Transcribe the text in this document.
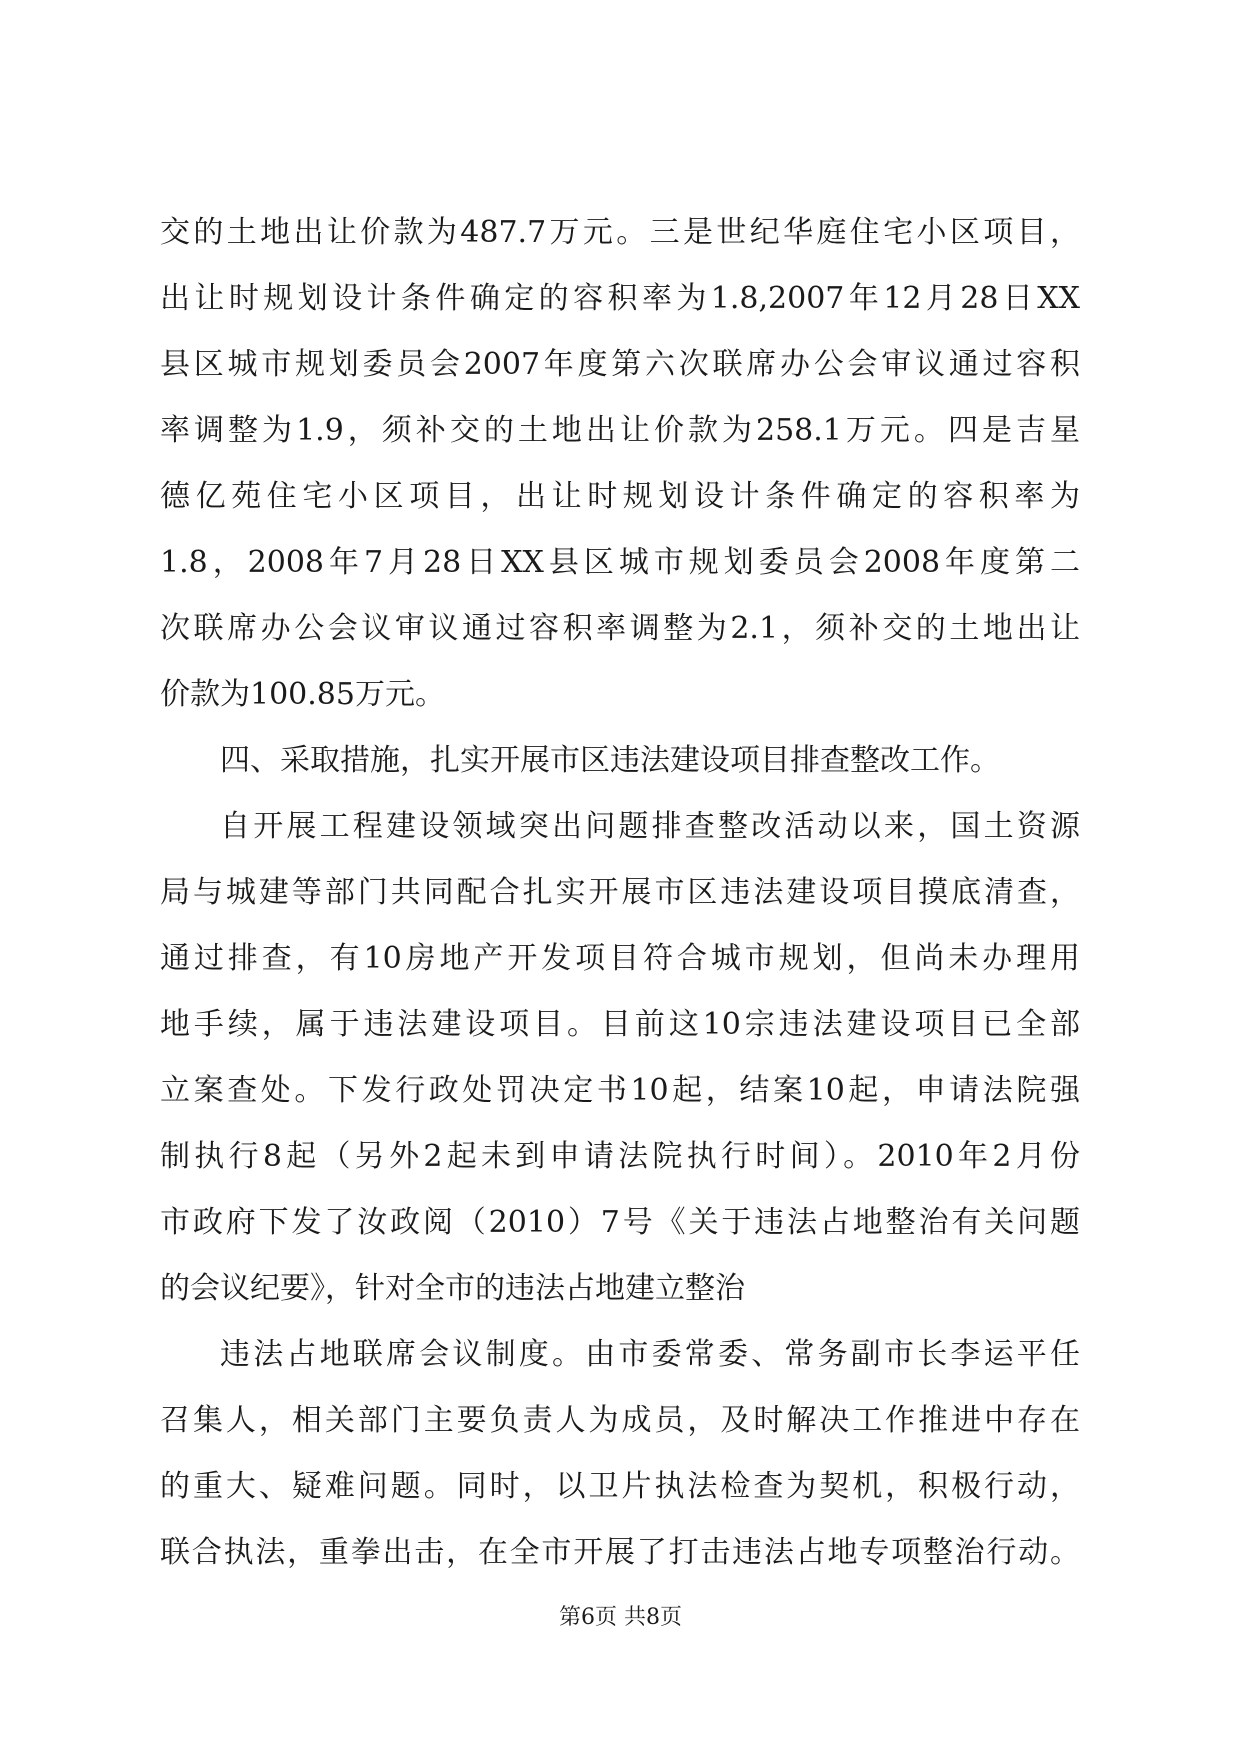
交的土地出让价款为487.7万元。三是世纪华庭住宅小区项目，
出让时规划设计条件确定的容积率为1.8,2007年12月28日XX
县区城市规划委员会2007年度第六次联席办公会审议通过容积
率调整为1.9，须补交的土地出让价款为258.1万元。四是吉星
德亿苑住宅小区项目，出让时规划设计条件确定的容积率为
1.8，2008年7月28日XX县区城市规划委员会2008年度第二
次联席办公会议审议通过容积率调整为2.1，须补交的土地出让
价款为100.85万元。
四、采取措施，扎实开展市区违法建设项目排查整改工作。
自开展工程建设领域突出问题排查整改活动以来，国土资源
局与城建等部门共同配合扎实开展市区违法建设项目摸底清查，
通过排查，有10房地产开发项目符合城市规划，但尚未办理用
地手续，属于违法建设项目。目前这10宗违法建设项目已全部
立案查处。下发行政处罚决定书10起，结案10起，申请法院强
制执行8起（另外2起未到申请法院执行时间）。2010年2月份
市政府下发了汝政阅（2010）7号《关于违法占地整治有关问题
的会议纪要》，针对全市的违法占地建立整治
违法占地联席会议制度。由市委常委、常务副市长李运平任
召集人，相关部门主要负责人为成员，及时解决工作推进中存在
的重大、疑难问题。同时，以卫片执法检查为契机，积极行动，
联合执法，重拳出击，在全市开展了打击违法占地专项整治行动。
第6页 共8页
